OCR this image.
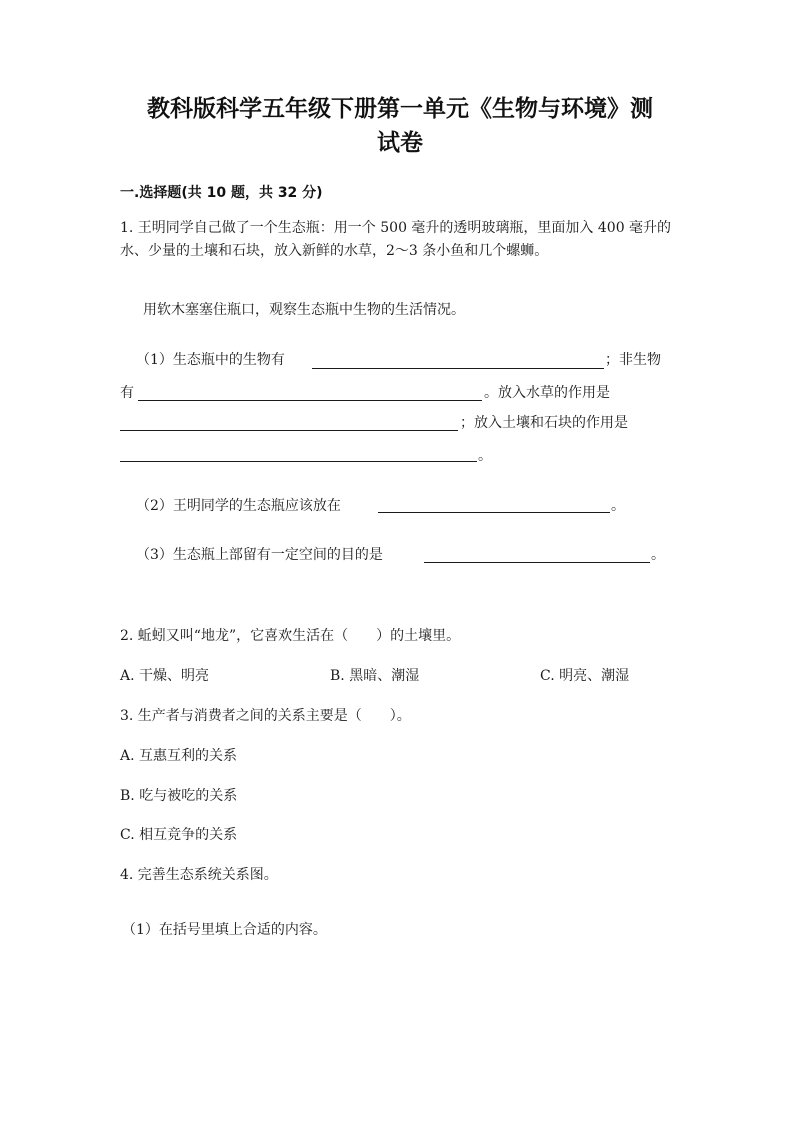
教科版科学五年级下册第一单元《生物与环境》测
试卷
一.选择题(共 10 题，共 32 分)
1. 王明同学自己做了一个生态瓶：用一个 500 毫升的透明玻璃瓶，里面加入 400 毫升的水、少量的土壤和石块，放入新鲜的水草，2～3 条小鱼和几个螺蛳。
用软木塞塞住瓶口，观察生态瓶中生物的生活情况。
（1）生态瓶中的生物有	；非生物
有	。放入水草的作用是
；放入土壤和石块的作用是
。
（2）王明同学的生态瓶应该放在	。
（3）生态瓶上部留有一定空间的目的是	。
2. 蚯蚓又叫“地龙”，它喜欢生活在（　　）的土壤里。
A. 干燥、明亮	B. 黑暗、潮湿	C. 明亮、潮湿
3. 生产者与消费者之间的关系主要是（　　）。
A. 互惠互利的关系
B. 吃与被吃的关系
C. 相互竞争的关系
4. 完善生态系统关系图。
（1）在括号里填上合适的内容。
